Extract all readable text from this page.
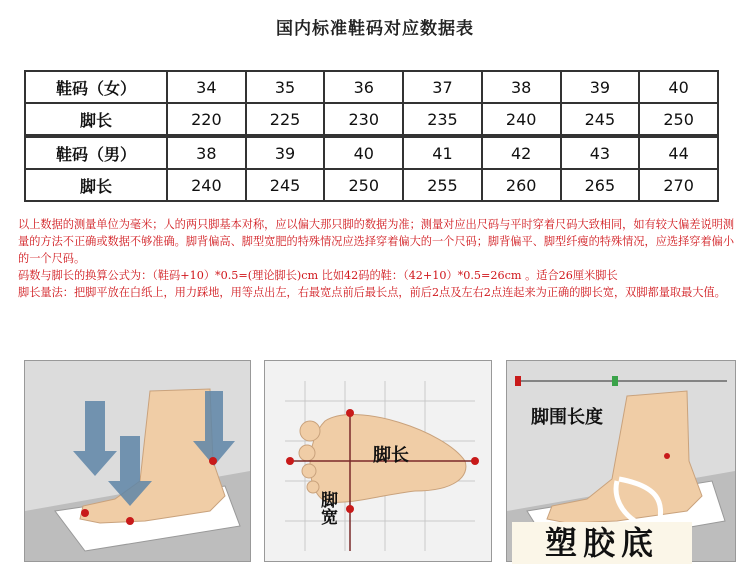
国内标准鞋码对应数据表
鞋码（女）	34	35	36	37	38	39	40
脚长	220	225	230	235	240	245	250
鞋码（男）	38	39	40	41	42	43	44
脚长	240	245	250	255	260	265	270

以上数据的测量单位为毫米；人的两只脚基本对称，应以偏大那只脚的数据为准；测量对应出尺码与平时穿着尺码大致相同，如有较大偏差说明测量的方法不正确或数据不够准确。脚背偏高、脚型宽肥的特殊情况应选择穿着偏大的一个尺码；脚背偏平、脚型纤瘦的特殊情况，应选择穿着偏小的一个尺码。

码数与脚长的换算公式为：（鞋码+10）*0.5=(理论脚长)cm 比如42码的鞋：（42+10）*0.5=26cm 。适合26厘米脚长

脚长量法：把脚平放在白纸上，用力踩地，用等点出左，右最宽点前后最长点，前后2点及左右2点连起来为正确的脚长宽，双脚都量取最大值。

脚长
脚宽
脚围长度
塑胶底
